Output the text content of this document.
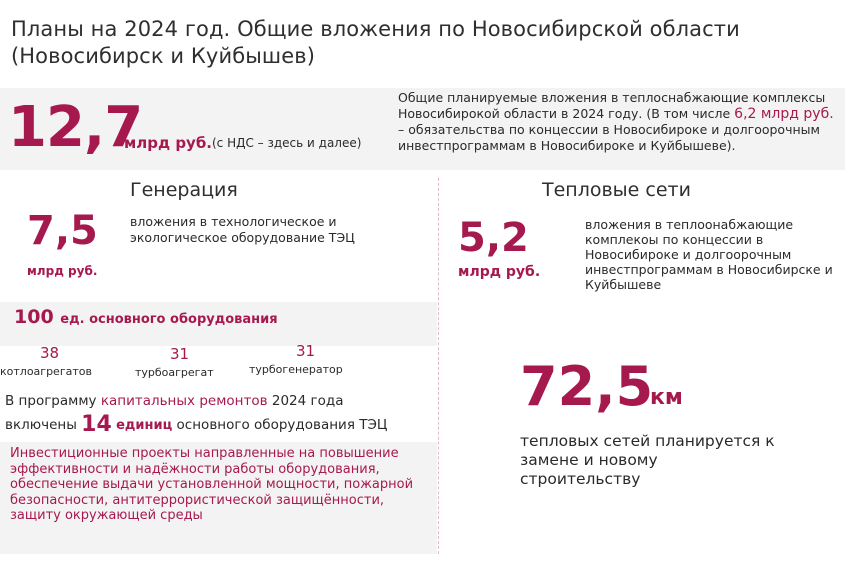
Планы на 2024 год. Общие вложения по Новосибирской области (Новосибирск и Куйбышев)
12,7
млрд руб. (с НДС – здесь и далее)
Общие планируемые вложения в теплоснабжающие комплексы Новосибирокой области в 2024 году. (В том числе 6,2 млрд руб. – обязательства по концессии в Новосибироке и долгоорочным инвестпрограммам в Новосибироке и Куйбышеве).
Генерация
7,5
млрд руб.
вложения в технологическое и экологическое оборудование ТЭЦ
Тепловые сети
5,2
млрд руб.
вложения в теплоонабжающие комплекоы по концессии в Новосибироке и долгоорочным инвестпрограммам в Новосибирске и Куйбышеве
100 ед. основного оборудования
38
котлоагрегатов
31
турбоагрегат
31
турбогенератор
В программу капитальных ремонтов 2024 года
включены 14 единиц основного оборудования ТЭЦ
Инвестиционные проекты направленные на повышение эффективности и надёжности работы оборудования, обеспечение выдачи установленной мощности, пожарной безопасности, антитеррористической защищённости, защиту окружающей среды
72,5
км
тепловых сетей планируется к замене и новому строительству
